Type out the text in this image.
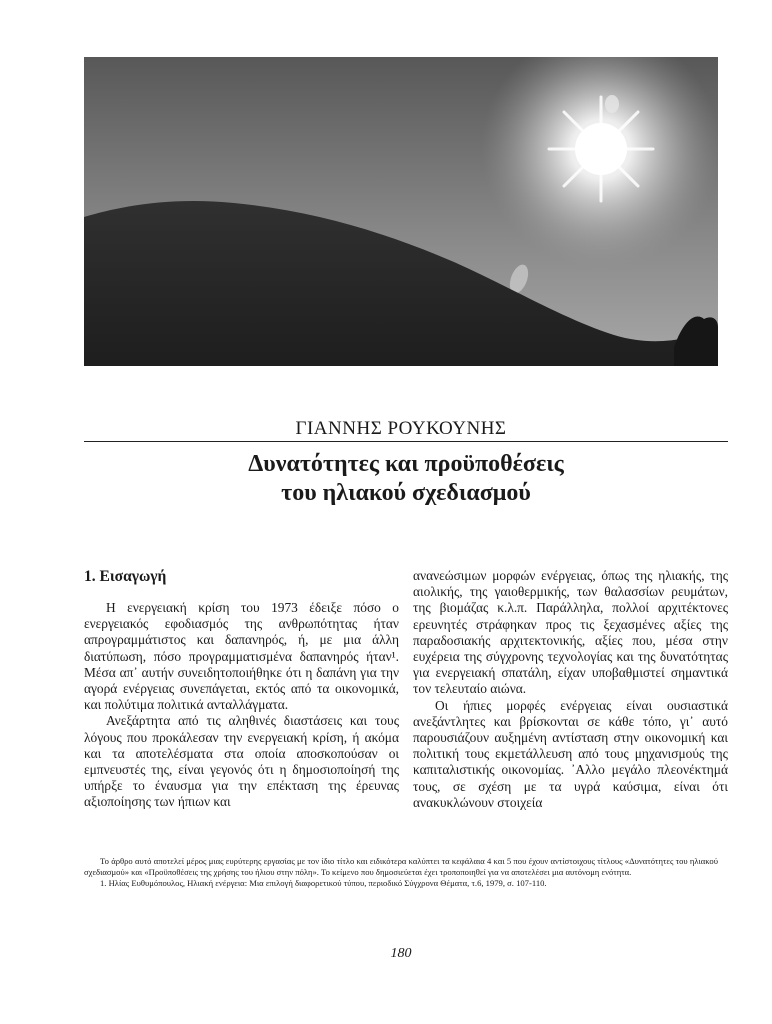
ΓΙΑΝΝΗΣ ΡΟΥΚΟΥΝΗΣ
Δυνατότητες και προϋποθέσεις
του ηλιακού σχεδιασμού
1. Εισαγωγή

Η ενεργειακή κρίση του 1973 έδειξε πόσο ο ενεργειακός εφοδιασμός της ανθρωπότητας ήταν απρογραμμάτιστος και δαπανηρός, ή, με μια άλλη διατύπωση, πόσο προγραμματισμένα δαπανηρός ήταν¹. Μέσα απ᾽ αυτήν συνειδητοποιήθηκε ότι η δαπάνη για την αγορά ενέργειας συνεπάγεται, εκτός από τα οικονομικά, και πολύτιμα πολιτικά ανταλλάγματα.

Ανεξάρτητα από τις αληθινές διαστάσεις και τους λόγους που προκάλεσαν την ενεργειακή κρίση, ή ακόμα και τα αποτελέσματα στα οποία αποσκοπούσαν οι εμπνευστές της, είναι γεγονός ότι η δημοσιοποίησή της υπήρξε το έναυσμα για την επέκταση της έρευνας αξιοποίησης των ήπιων και

ανανεώσιμων μορφών ενέργειας, όπως της ηλιακής, της αιολικής, της γαιοθερμικής, των θαλασσίων ρευμάτων, της βιομάζας κ.λ.π. Παράλληλα, πολλοί αρχιτέκτονες ερευνητές στράφηκαν προς τις ξεχασμένες αξίες της παραδοσιακής αρχιτεκτονικής, αξίες που, μέσα στην ευχέρεια της σύγχρονης τεχνολογίας και της δυνατότητας για ενεργειακή σπατάλη, είχαν υποβαθμιστεί σημαντικά τον τελευταίο αιώνα.

Οι ήπιες μορφές ενέργειας είναι ουσιαστικά ανεξάντλητες και βρίσκονται σε κάθε τόπο, γι᾽ αυτό παρουσιάζουν αυξημένη αντίσταση στην οικονομική και πολιτική τους εκμετάλλευση από τους μηχανισμούς της καπιταλιστικής οικονομίας. ᾽Αλλο μεγάλο πλεονέκτημά τους, σε σχέση με τα υγρά καύσιμα, είναι ότι ανακυκλώνουν στοιχεία

Το άρθρο αυτό αποτελεί μέρος μιας ευρύτερης εργασίας με τον ίδιο τίτλο και ειδικότερα καλύπτει τα κεφάλαια 4 και 5 που έχουν αντίστοιχους τίτλους «Δυνατότητες του ηλιακού σχεδιασμού» και «Προϋποθέσεις της χρήσης του ήλιου στην πόλη». Το κείμενο που δημοσιεύεται έχει τροποποιηθεί για να αποτελέσει μια αυτόνομη ενότητα.

1. Ηλίας Ευθυμόπουλος, Ηλιακή ενέργεια: Μια επιλογή διαφορετικού τύπου, περιοδικό Σύγχρονα Θέματα, τ.6, 1979, σ. 107-110.

180
